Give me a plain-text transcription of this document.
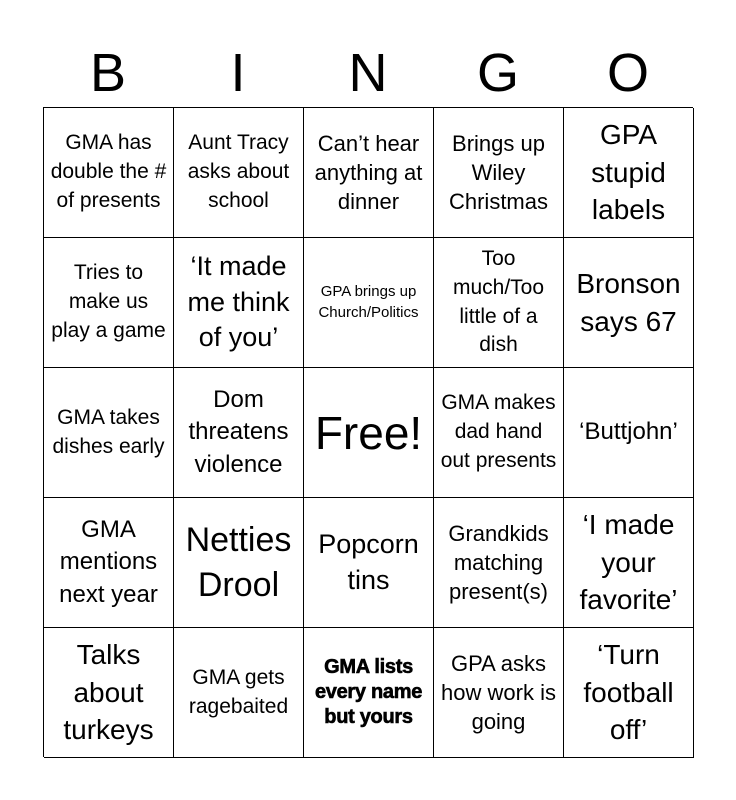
B	I	N	G	O
GMA has double the # of presents
Aunt Tracy asks about school
Can’t hear anything at dinner
Brings up Wiley Christmas
GPA stupid labels
Tries to make us play a game
‘It made me think of you’
GPA brings up Church/Politics
Too much/Too little of a dish
Bronson says 67
GMA takes dishes early
Dom threatens violence
Free!
GMA makes dad hand out presents
‘Buttjohn’
GMA mentions next year
Netties Drool
Popcorn tins
Grandkids matching present(s)
‘I made your favorite’
Talks about turkeys
GMA gets ragebaited
GMA lists every name but yours
GPA asks how work is going
‘Turn football off’
